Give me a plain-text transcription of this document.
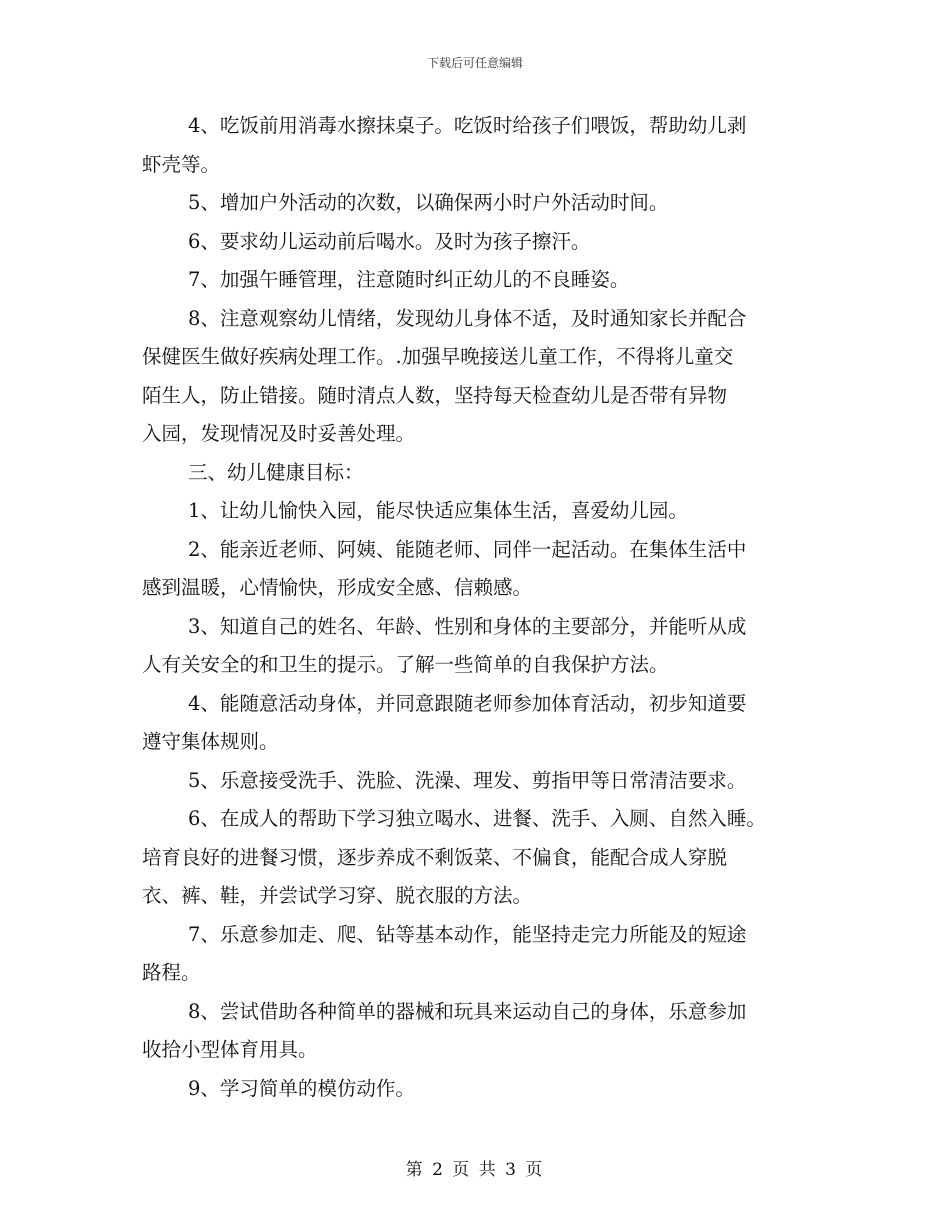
下载后可任意编辑

4、吃饭前用消毒水擦抹桌子。吃饭时给孩子们喂饭，帮助幼儿剥
虾壳等。

5、增加户外活动的次数，以确保两小时户外活动时间。

6、要求幼儿运动前后喝水。及时为孩子擦汗。

7、加强午睡管理，注意随时纠正幼儿的不良睡姿。

8、注意观察幼儿情绪，发现幼儿身体不适，及时通知家长并配合
保健医生做好疾病处理工作。.加强早晚接送儿童工作，不得将儿童交
陌生人，防止错接。随时清点人数，坚持每天检查幼儿是否带有异物
入园，发现情况及时妥善处理。

三、幼儿健康目标：

1、让幼儿愉快入园，能尽快适应集体生活，喜爱幼儿园。

2、能亲近老师、阿姨、能随老师、同伴一起活动。在集体生活中
感到温暖，心情愉快，形成安全感、信赖感。

3、知道自己的姓名、年龄、性别和身体的主要部分，并能听从成
人有关安全的和卫生的提示。了解一些简单的自我保护方法。

4、能随意活动身体，并同意跟随老师参加体育活动，初步知道要
遵守集体规则。

5、乐意接受洗手、洗脸、洗澡、理发、剪指甲等日常清洁要求。

6、在成人的帮助下学习独立喝水、进餐、洗手、入厕、自然入睡。
培育良好的进餐习惯，逐步养成不剩饭菜、不偏食，能配合成人穿脱
衣、裤、鞋，并尝试学习穿、脱衣服的方法。

7、乐意参加走、爬、钻等基本动作，能坚持走完力所能及的短途
路程。

8、尝试借助各种简单的器械和玩具来运动自己的身体，乐意参加
收拾小型体育用具。

9、学习简单的模仿动作。

第 2 页 共 3 页
